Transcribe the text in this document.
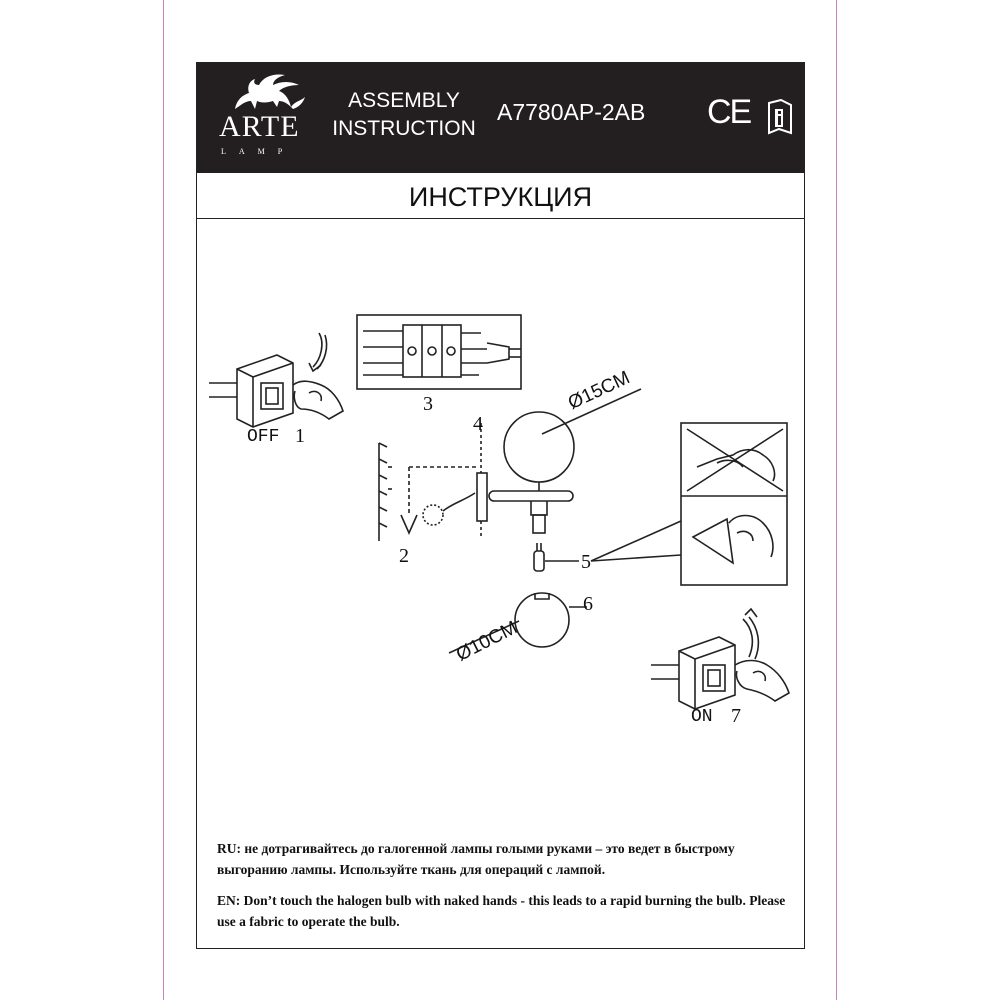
ARTE
LAMP
ASSEMBLY
INSTRUCTION
A7780AP-2AB CE
ИНСТРУКЦИЯ
OFF 1
3
4
2	5
6
ON 7
Ø15CM
Ø10CM

RU: не дотрагивайтесь до галогенной лампы голыми руками – это ведет в быстрому выгоранию лампы. Используйте ткань для операций с лампой.

EN: Don’t touch the halogen bulb with naked hands - this leads to a rapid burning the bulb. Please use a fabric to operate the bulb.
